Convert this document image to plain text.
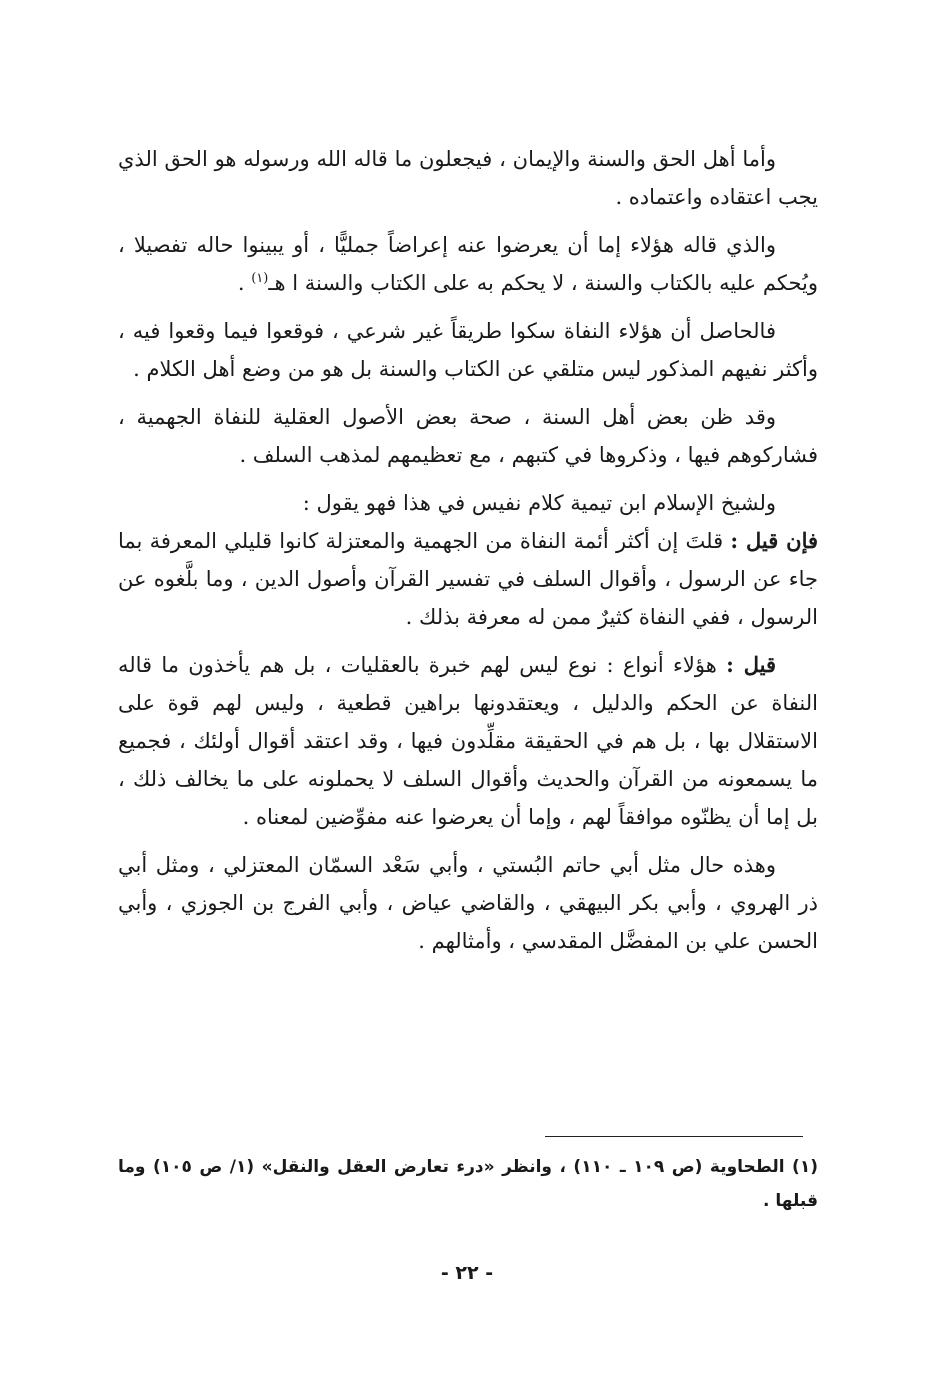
وأما أهل الحق والسنة والإيمان ، فيجعلون ما قاله الله ورسوله هو الحق الذي يجب اعتقاده واعتماده .

والذي قاله هؤلاء إما أن يعرضوا عنه إعراضاً جمليًّا ، أو يبينوا حاله تفصيلا ، ويُحكم عليه بالكتاب والسنة ، لا يحكم به على الكتاب والسنة ا هـ$^{(١)}$ .

فالحاصل أن هؤلاء النفاة سكوا طريقاً غير شرعي ، فوقعوا فيما وقعوا فيه ، وأكثر نفيهم المذكور ليس متلقي عن الكتاب والسنة بل هو من وضع أهل الكلام .

وقد ظن بعض أهل السنة ، صحة بعض الأصول العقلية للنفاة الجهمية ، فشاركوهم فيها ، وذكروها في كتبهم ، مع تعظيمهم لمذهب السلف .

ولشيخ الإسلام ابن تيمية كلام نفيس في هذا فهو يقول :

فإن قيل : قلتَ إن أكثر أئمة النفاة من الجهمية والمعتزلة كانوا قليلي المعرفة بما جاء عن الرسول ، وأقوال السلف في تفسير القرآن وأصول الدين ، وما بلَّغوه عن الرسول ، ففي النفاة كثيرٌ ممن له معرفة بذلك .

قيل : هؤلاء أنواع : نوع ليس لهم خبرة بالعقليات ، بل هم يأخذون ما قاله النفاة عن الحكم والدليل ، ويعتقدونها براهين قطعية ، وليس لهم قوة على الاستقلال بها ، بل هم في الحقيقة مقلِّدون فيها ، وقد اعتقد أقوال أولئك ، فجميع ما يسمعونه من القرآن والحديث وأقوال السلف لا يحملونه على ما يخالف ذلك ، بل إما أن يظنّوه موافقاً لهم ، وإما أن يعرضوا عنه مفوِّضين لمعناه .

وهذه حال مثل أبي حاتم البُستي ، وأبي سَعْد السمّان المعتزلي ، ومثل أبي ذر الهروي ، وأبي بكر البيهقي ، والقاضي عياض ، وأبي الفرج بن الجوزي ، وأبي الحسن علي بن المفضَّل المقدسي ، وأمثالهم .

(١) الطحاوية (ص ١٠٩ ـ ١١٠) ، وانظر «درء تعارض العقل والنقل» (١/ ص ١٠٥) وما قبلها .
- ٢٢ -
